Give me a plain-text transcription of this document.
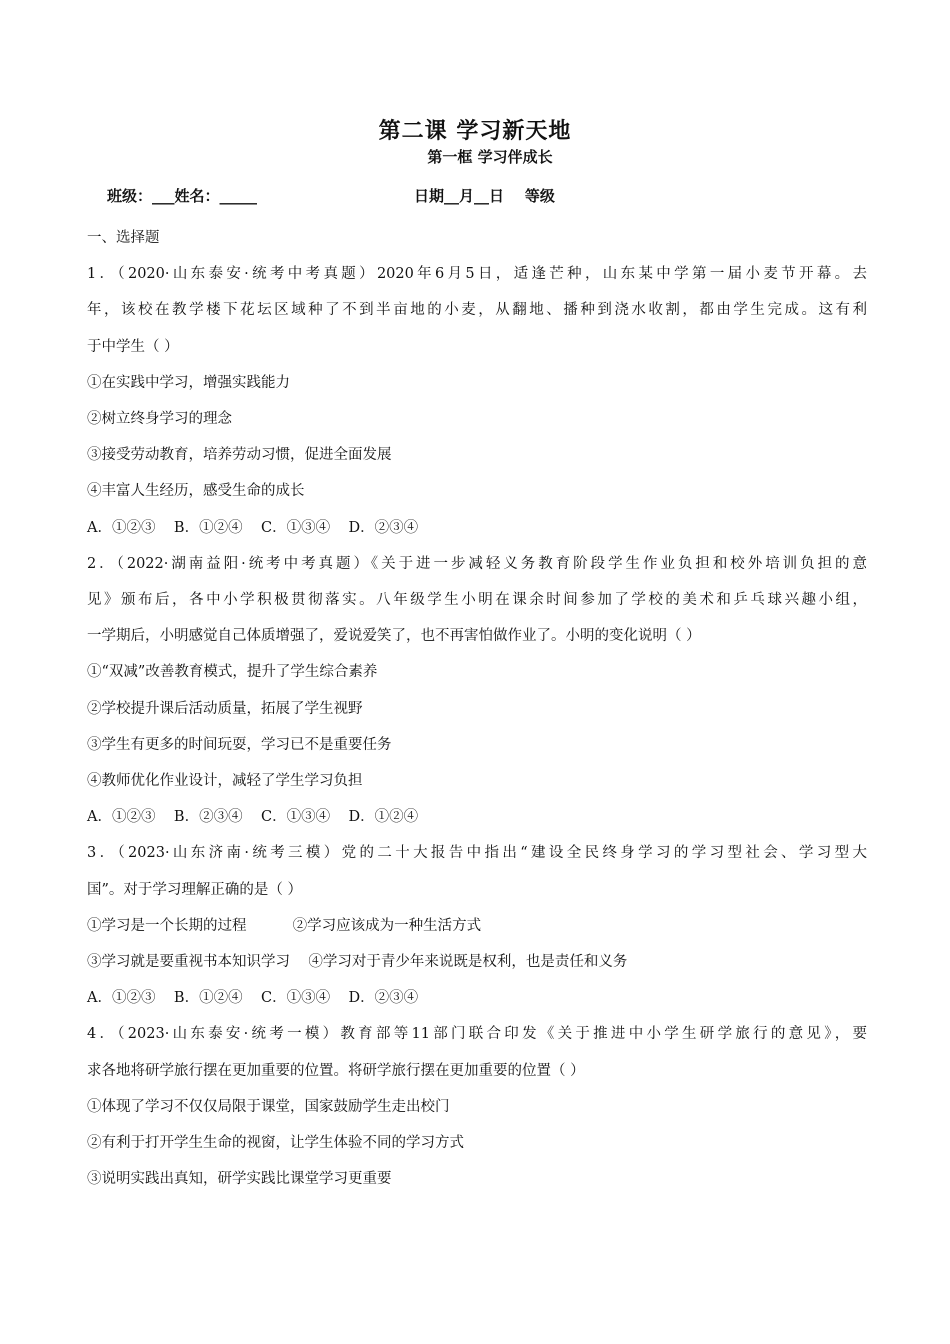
第二课 学习新天地
第一框 学习伴成长
班级：___姓名：_____	日期__月__日    等级
一、选择题
1．（2020·山东泰安·统考中考真题）2020年6月5日，适逢芒种，山东某中学第一届小麦节开幕。去
年，该校在教学楼下花坛区域种了不到半亩地的小麦，从翻地、播种到浇水收割，都由学生完成。这有利
于中学生（ ）
①在实践中学习，增强实践能力
②树立终身学习的理念
③接受劳动教育，培养劳动习惯，促进全面发展
④丰富人生经历，感受生命的成长
A．①②③    B．①②④    C．①③④    D．②③④
2．（2022·湖南益阳·统考中考真题）《关于进一步减轻义务教育阶段学生作业负担和校外培训负担的意
见》颁布后，各中小学积极贯彻落实。八年级学生小明在课余时间参加了学校的美术和乒乓球兴趣小组，
一学期后，小明感觉自己体质增强了，爱说爱笑了，也不再害怕做作业了。小明的变化说明（ ）
①“双减”改善教育模式，提升了学生综合素养
②学校提升课后活动质量，拓展了学生视野
③学生有更多的时间玩耍，学习已不是重要任务
④教师优化作业设计，减轻了学生学习负担
A．①②③    B．②③④    C．①③④    D．①②④
3．（2023·山东济南·统考三模）党的二十大报告中指出“建设全民终身学习的学习型社会、学习型大
国”。对于学习理解正确的是（ ）
①学习是一个长期的过程          ②学习应该成为一种生活方式
③学习就是要重视书本知识学习    ④学习对于青少年来说既是权利，也是责任和义务
A．①②③    B．①②④    C．①③④    D．②③④
4．（2023·山东泰安·统考一模）教育部等11部门联合印发《关于推进中小学生研学旅行的意见》，要
求各地将研学旅行摆在更加重要的位置。将研学旅行摆在更加重要的位置（ ）
①体现了学习不仅仅局限于课堂，国家鼓励学生走出校门
②有利于打开学生生命的视窗，让学生体验不同的学习方式
③说明实践出真知，研学实践比课堂学习更重要
